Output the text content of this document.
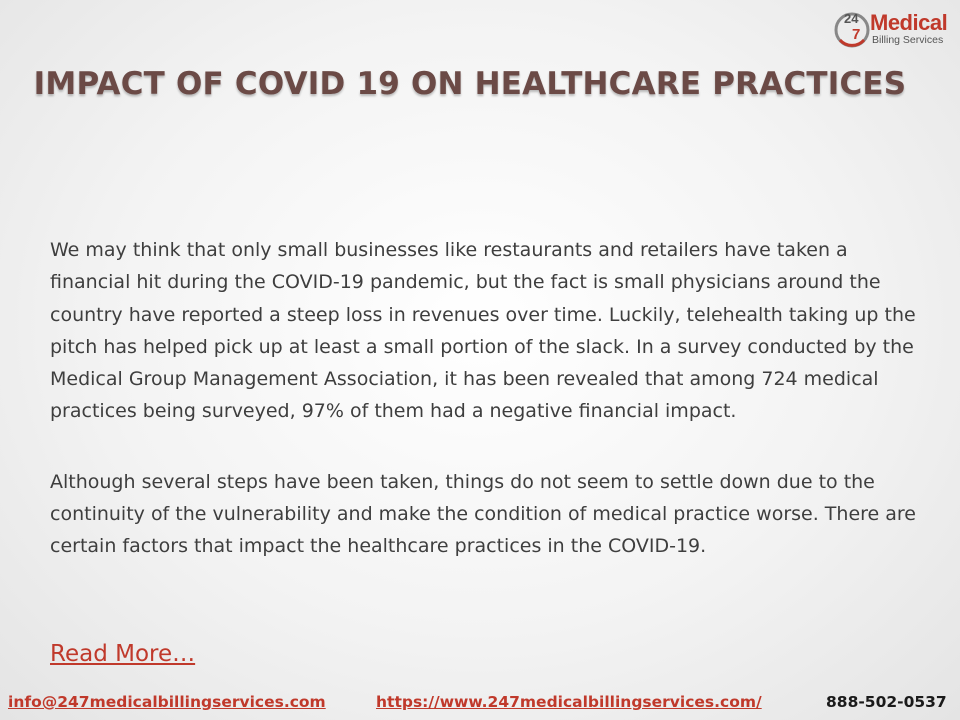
24
7 Medical
Billing Services
IMPACT OF COVID 19 ON HEALTHCARE PRACTICES

We may think that only small businesses like restaurants and retailers have taken a financial hit during the COVID-19 pandemic, but the fact is small physicians around the country have reported a steep loss in revenues over time. Luckily, telehealth taking up the pitch has helped pick up at least a small portion of the slack. In a survey conducted by the Medical Group Management Association, it has been revealed that among 724 medical practices being surveyed, 97% of them had a negative financial impact.

Although several steps have been taken, things do not seem to settle down due to the continuity of the vulnerability and make the condition of medical practice worse. There are certain factors that impact the healthcare practices in the COVID-19.

Read More…
info@247medicalbillingservices.com	https://www.247medicalbillingservices.com/	888-502-0537
